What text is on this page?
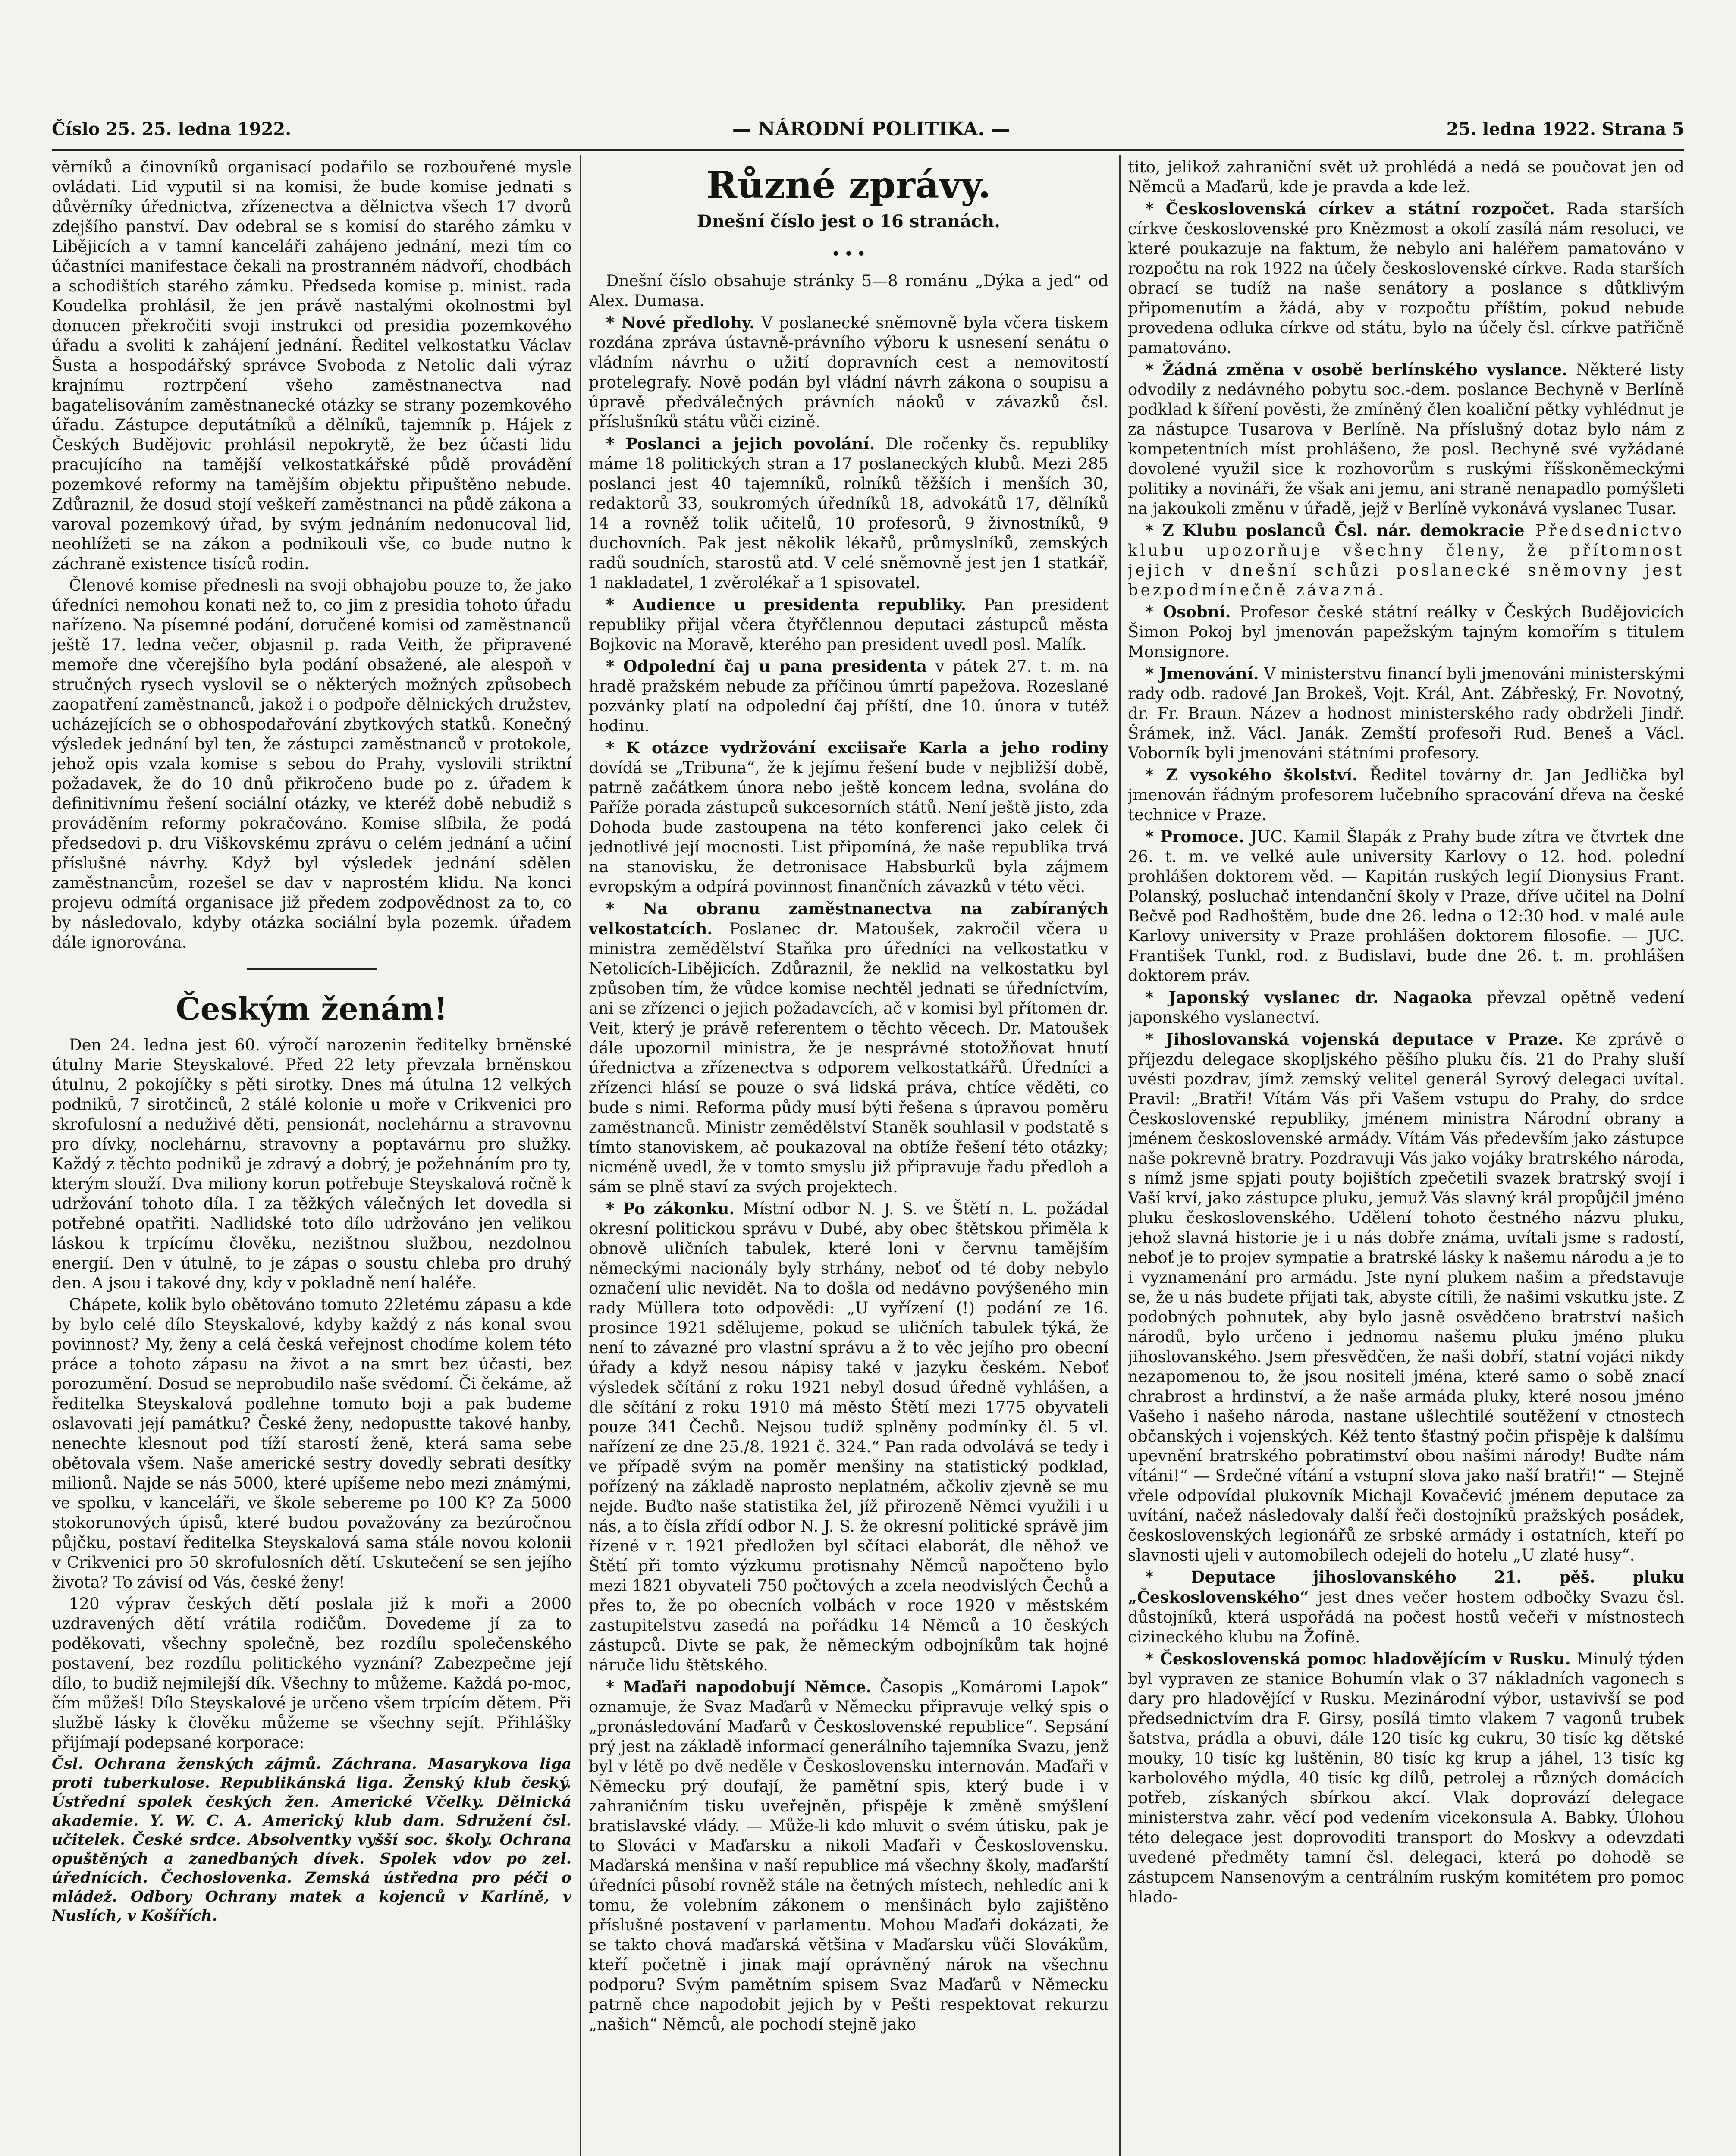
Číslo 25. 25. ledna 1922.	— NÁRODNÍ POLITIKA. —	25. ledna 1922. Strana 5

věrníků a činovníků organisací podařilo se rozbouřené mysle ovládati. Lid vyputil si na komisi, že bude komise jednati s důvěrníky úřednictva, zřízenectva a dělnictva všech 17 dvorů zdejšího panství. Dav odebral se s komisí do starého zámku v Libějicích a v tamní kanceláři zahájeno jednání, mezi tím co účastníci manifestace čekali na prostranném nádvoří, chodbách a schodištích starého zámku. Předseda komise p. minist. rada Koudelka prohlásil, že jen právě nastalými okolnostmi byl donucen překročiti svoji instrukci od presidia pozemkového úřadu a svoliti k zahájení jednání. Ředitel velkostatku Václav Šusta a hospodářský správce Svoboda z Netolic dali výraz krajnímu roztrpčení všeho zaměstnanectva nad bagatelisováním zaměstnanecké otázky se strany pozemkového úřadu. Zástupce deputátníků a dělníků, tajemník p. Hájek z Českých Budějovic prohlásil nepokrytě, že bez účasti lidu pracujícího na tamější velkostatkářské půdě provádění pozemkové reformy na tamějším objektu připuštěno nebude. Zdůraznil, že dosud stojí veškeří zaměstnanci na půdě zákona a varoval pozemkový úřad, by svým jednáním nedonucoval lid, neohlížeti se na zákon a podnikouli vše, co bude nutno k záchraně existence tisíců rodin.

Členové komise přednesli na svoji obhajobu pouze to, že jako úředníci nemohou konati než to, co jim z presidia tohoto úřadu nařízeno. Na písemné podání, doručené komisi od zaměstnanců ještě 17. ledna večer, objasnil p. rada Veith, že připravené memoře dne včerejšího byla podání obsažené, ale alespoň v stručných rysech vyslovil se o některých možných způsobech zaopatření zaměstnanců, jakož i o podpoře dělnických družstev, ucházejících se o obhospodařování zbytkových statků. Konečný výsledek jednání byl ten, že zástupci zaměstnanců v protokole, jehož opis vzala komise s sebou do Prahy, vyslovili striktní požadavek, že do 10 dnů přikročeno bude po z. úřadem k definitivnímu řešení sociální otázky, ve kteréž době nebudiž s prováděním reformy pokračováno. Komise slíbila, že podá předsedovi p. dru Viškovskému zprávu o celém jednání a učiní příslušné návrhy. Když byl výsledek jednání sdělen zaměstnancům, rozešel se dav v naprostém klidu. Na konci projevu odmítá organisace již předem zodpovědnost za to, co by následovalo, kdyby otázka sociální byla pozemk. úřadem dále ignorována.

Českým ženám!

Den 24. ledna jest 60. výročí narozenin ředitelky brněnské útulny Marie Steyskalové. Před 22 lety převzala brněnskou útulnu, 2 pokojíčky s pěti sirotky. Dnes má útulna 12 velkých podniků, 7 sirotčinců, 2 stálé kolonie u moře v Crikvenici pro skrofulosní a neduživé děti, pensionát, noclehárnu a stravovnu pro dívky, noclehárnu, stravovny a poptavárnu pro služky. Každý z těchto podniků je zdravý a dobrý, je požehnáním pro ty, kterým slouží. Dva miliony korun potřebuje Steyskalová ročně k udržování tohoto díla. I za těžkých válečných let dovedla si potřebné opatřiti. Nadlidské toto dílo udržováno jen velikou láskou k trpícímu člověku, nezištnou službou, nezdolnou energií. Den v útulně, to je zápas o soustu chleba pro druhý den. A jsou i takové dny, kdy v pokladně není haléře.

Chápete, kolik bylo obětováno tomuto 22letému zápasu a kde by bylo celé dílo Steyskalové, kdyby každý z nás konal svou povinnost? My, ženy a celá česká veřejnost chodíme kolem této práce a tohoto zápasu na život a na smrt bez účasti, bez porozumění. Dosud se neprobudilo naše svědomí. Či čekáme, až ředitelka Steyskalová podlehne tomuto boji a pak budeme oslavovati její památku? České ženy, nedopustte takové hanby, nenechte klesnout pod tíží starostí ženě, která sama sebe obětovala všem. Naše americké sestry dovedly sebrati desítky milionů. Najde se nás 5000, které upíšeme nebo mezi známými, ve spolku, v kanceláři, ve škole sebereme po 100 K? Za 5000 stokorunových úpisů, které budou považovány za bezúročnou půjčku, postaví ředitelka Steyskalová sama stále novou kolonii v Crikvenici pro 50 skrofulosních dětí. Uskutečení se sen jejího života? To závisí od Vás, české ženy!

120 výprav českých dětí poslala již k moři a 2000 uzdravených dětí vrátila rodičům. Dovedeme jí za to poděkovati, všechny společně, bez rozdílu společenského postavení, bez rozdílu politického vyznání? Zabezpečme její dílo, to budiž nejmilejší dík. Všechny to můžeme. Každá po-moc, čím můžeš! Dílo Steyskalové je určeno všem trpícím dětem. Při službě lásky k člověku můžeme se všechny sejít. Přihlášky přijímají podepsané korporace:

Čsl. Ochrana ženských zájmů. Záchrana. Masarykova liga proti tuberkulose. Republikánská liga. Ženský klub český. Ústřední spolek českých žen. Americké Včelky. Dělnická akademie. Y. W. C. A. Americký klub dam. Sdružení čsl. učitelek. České srdce. Absolventky vyšší soc. školy. Ochrana opuštěných a zanedbaných dívek. Spolek vdov po zel. úřednících. Čechoslovenka. Zemská ústředna pro péči o mládež. Odbory Ochrany matek a kojenců v Karlíně, v Nuslích, v Košířích.

Různé zprávy.
Dnešní číslo jest o 16 stranách.
• • •

Dnešní číslo obsahuje stránky 5—8 románu „Dýka a jed“ od Alex. Dumasa.

* Nové předlohy. V poslanecké sněmovně byla včera tiskem rozdána zpráva ústavně-právního výboru k usnesení senátu o vládním návrhu o užití dopravních cest a nemovitostí protelegrafy. Nově podán byl vládní návrh zákona o soupisu a úpravě předválečných právních náoků v závazků čsl. příslušníků státu vůči cizině.

* Poslanci a jejich povolání. Dle ročenky čs. republiky máme 18 politických stran a 17 poslaneckých klubů. Mezi 285 poslanci jest 40 tajemníků, rolníků těžších i menších 30, redaktorů 33, soukromých úředníků 18, advokátů 17, dělníků 14 a rovněž tolik učitelů, 10 profesorů, 9 živnostníků, 9 duchovních. Pak jest několik lékařů, průmyslníků, zemských radů soudních, starostů atd. V celé sněmovně jest jen 1 statkář, 1 nakladatel, 1 zvěrolékař a 1 spisovatel.

* Audience u presidenta republiky. Pan president republiky přijal včera čtyřčlennou deputaci zástupců města Bojkovic na Moravě, kterého pan president uvedl posl. Malík.

* Odpolední čaj u pana presidenta v pátek 27. t. m. na hradě pražském nebude za příčinou úmrtí papežova. Rozeslané pozvánky platí na odpolední čaj příští, dne 10. února v tutéž hodinu.

* K otázce vydržování exciisaře Karla a jeho rodiny dovídá se „Tribuna“, že k jejímu řešení bude v nejbližší době, patrně začátkem února nebo ještě koncem ledna, svolána do Paříže porada zástupců sukcesorních států. Není ještě jisto, zda Dohoda bude zastoupena na této konferenci jako celek či jednotlivé její mocnosti. List připomíná, že naše republika trvá na stanovisku, že detronisace Habsburků byla zájmem evropským a odpírá povinnost finančních závazků v této věci.

* Na obranu zaměstnanectva na zabíraných velkostatcích. Poslanec dr. Matoušek, zakročil včera u ministra zemědělství Staňka pro úředníci na velkostatku v Netolicích-Libějicích. Zdůraznil, že neklid na velkostatku byl způsoben tím, že vůdce komise nechtěl jednati se úředníctvím, ani se zřízenci o jejich požadavcích, ač v komisi byl přítomen dr. Veit, který je právě referentem o těchto věcech. Dr. Matoušek dále upozornil ministra, že je nesprávné stotožňovat hnutí úřednictva a zřízenectva s odporem velkostatkářů. Úředníci a zřízenci hlásí se pouze o svá lidská práva, chtíce věděti, co bude s nimi. Reforma půdy musí býti řešena s úpravou poměru zaměstnanců. Ministr zemědělství Staněk souhlasil v podstatě s tímto stanoviskem, ač poukazoval na obtíže řešení této otázky; nicméně uvedl, že v tomto smyslu již připravuje řadu předloh a sám se plně staví za svých projektech.

* Po zákonku. Místní odbor N. J. S. ve Štětí n. L. požádal okresní politickou správu v Dubé, aby obec štětskou přiměla k obnově uličních tabulek, které loni v červnu tamějším německými nacionály byly strhány, neboť od té doby nebylo označení ulic nevidět. Na to došla od nedávno povýšeného min rady Müllera toto odpovědi: „U vyřízení (!) podání ze 16. prosince 1921 sdělujeme, pokud se uličních tabulek týká, že není to závazné pro vlastní správu a ž to věc jejího pro obecní úřady a když nesou nápisy také v jazyku českém. Neboť výsledek sčítání z roku 1921 nebyl dosud úředně vyhlášen, a dle sčítání z roku 1910 má město Štětí mezi 1775 obyvateli pouze 341 Čechů. Nejsou tudíž splněny podmínky čl. 5 vl. nařízení ze dne 25./8. 1921 č. 324.“ Pan rada odvolává se tedy i ve případě svým na poměr menšiny na statistický podklad, pořízený na základě naprosto neplatném, ačkoliv zjevně se mu nejde. Buďto naše statistika žel, jíž přirozeně Němci využili i u nás, a to čísla zřídí odbor N. J. S. že okresní politické správě jim řízené v r. 1921 předložen byl sčítaci elaborát, dle něhož ve Štětí při tomto výzkumu protisnahy Němců napočteno bylo mezi 1821 obyvateli 750 počtových a zcela neodvislých Čechů a přes to, že po obecních volbách v roce 1920 v městském zastupitelstvu zasedá na pořádku 14 Němců a 10 českých zástupců. Divte se pak, že německým odbojníkům tak hojné náruče lidu štětského.

* Maďaři napodobují Němce. Časopis „Komáromi Lapok“ oznamuje, že Svaz Maďarů v Německu připravuje velký spis o „pronásledování Maďarů v Československé republice“. Sepsání prý jest na základě informací generálního tajemníka Svazu, jenž byl v létě po dvě neděle v Československu internován. Maďaři v Německu prý doufají, že pamětní spis, který bude i v zahraničním tisku uveřejněn, přispěje k změně smýšlení bratislavské vlády. — Může-li kdo mluvit o svém útisku, pak je to Slováci v Maďarsku a nikoli Maďaři v Československu. Maďarská menšina v naší republice má všechny školy, maďarští úředníci působí rovněž stále na četných místech, nehledíc ani k tomu, že volebním zákonem o menšinách bylo zajištěno příslušné postavení v parlamentu. Mohou Maďaři dokázati, že se takto chová maďarská většina v Maďarsku vůči Slovákům, kteří početně i jinak mají oprávněný nárok na všechnu podporu? Svým pamětním spisem Svaz Maďarů v Německu patrně chce napodobit jejich by v Pešti respektovat rekurzu „našich“ Němců, ale pochodí stejně jako

tito, jelikož zahraniční svět už prohlédá a nedá se poučovat jen od Němců a Maďarů, kde je pravda a kde lež.

* Československá církev a státní rozpočet. Rada starších církve československé pro Knězmost a okolí zasílá nám resoluci, ve které poukazuje na faktum, že nebylo ani haléřem pamatováno v rozpočtu na rok 1922 na účely československé církve. Rada starších obrací se tudíž na naše senátory a poslance s důtklivým připomenutím a žádá, aby v rozpočtu příštím, pokud nebude provedena odluka církve od státu, bylo na účely čsl. církve patřičně pamatováno.

* Žádná změna v osobě berlínského vyslance. Některé listy odvodily z nedávného pobytu soc.-dem. poslance Bechyně v Berlíně podklad k šíření pověsti, že zmíněný člen koaliční pětky vyhlédnut je za nástupce Tusarova v Berlíně. Na příslušný dotaz bylo nám z kompetentních míst prohlášeno, že posl. Bechyně své vyžádané dovolené využil sice k rozhovorům s ruskými říšskoněmeckými politiky a novináři, že však ani jemu, ani straně nenapadlo pomýšleti na jakoukoli změnu v úřadě, jejž v Berlíně vykonává vyslanec Tusar.

* Z Klubu poslanců Čsl. nár. demokracie Předsednictvo klubu upozorňuje všechny členy, že přítomnost jejich v dnešní schůzi poslanecké sněmovny jest bezpodmínečně závazná.

* Osobní. Profesor české státní reálky v Českých Budějovicích Šimon Pokoj byl jmenován papežským tajným komořím s titulem Monsignore.

* Jmenování. V ministerstvu financí byli jmenováni ministerskými rady odb. radové Jan Brokeš, Vojt. Král, Ant. Zábřeský, Fr. Novotný, dr. Fr. Braun. Název a hodnost ministerského rady obdrželi Jindř. Šrámek, inž. Václ. Janák. Zemští profesoři Rud. Beneš a Václ. Voborník byli jmenováni státními profesory.

* Z vysokého školství. Ředitel továrny dr. Jan Jedlička byl jmenován řádným profesorem lučebního spracování dřeva na české technice v Praze.

* Promoce. JUC. Kamil Šlapák z Prahy bude zítra ve čtvrtek dne 26. t. m. ve velké aule university Karlovy o 12. hod. polední prohlášen doktorem věd. — Kapitán ruských legií Dionysius Frant. Polanský, posluchač intendanční školy v Praze, dříve učitel na Dolní Bečvě pod Radhoštěm, bude dne 26. ledna o 12:30 hod. v malé aule Karlovy university v Praze prohlášen doktorem filosofie. — JUC. František Tunkl, rod. z Budislavi, bude dne 26. t. m. prohlášen doktorem práv.

* Japonský vyslanec dr. Nagaoka převzal opětně vedení japonského vyslanectví.

* Jihoslovanská vojenská deputace v Praze. Ke zprávě o příjezdu delegace skopljského pěšího pluku čís. 21 do Prahy sluší uvésti pozdrav, jímž zemský velitel generál Syrový delegaci uvítal. Pravil: „Bratři! Vítám Vás při Vašem vstupu do Prahy, do srdce Československé republiky, jménem ministra Národní obrany a jménem československé armády. Vítám Vás především jako zástupce naše pokrevně bratry. Pozdravuji Vás jako vojáky bratrského národa, s nímž jsme spjati pouty bojištích zpečetili svazek bratrský svojí i Vaší krví, jako zástupce pluku, jemuž Vás slavný král propůjčil jméno pluku československého. Udělení tohoto čestného názvu pluku, jehož slavná historie je i u nás dobře známa, uvítali jsme s radostí, neboť je to projev sympatie a bratrské lásky k našemu národu a je to i vyznamenání pro armádu. Jste nyní plukem našim a představuje se, že u nás budete přijati tak, abyste cítili, že našimi vskutku jste. Z podobných pohnutek, aby bylo jasně osvědčeno bratrství našich národů, bylo určeno i jednomu našemu pluku jméno pluku jihoslovanského. Jsem přesvědčen, že naši dobří, statní vojáci nikdy nezapomenou to, že jsou nositeli jména, které samo o sobě znací chrabrost a hrdinství, a že naše armáda pluky, které nosou jméno Vašeho i našeho národa, nastane ušlechtilé soutěžení v ctnostech občanských i vojenských. Kéž tento šťastný počin přispěje k dalšímu upevnění bratrského pobratimství obou našimi národy! Buďte nám vítáni!“ — Srdečné vítání a vstupní slova jako naší bratři!“ — Stejně vřele odpovídal plukovník Michajl Kovačević jménem deputace za uvítání, načež následovaly další řeči dostojníků pražských posádek, československých legionářů ze srbské armády i ostatních, kteří po slavnosti ujeli v automobilech odejeli do hotelu „U zlaté husy“.

* Deputace jihoslovanského 21. pěš. pluku „Československého“ jest dnes večer hostem odbočky Svazu čsl. důstojníků, která uspořádá na počest hostů večeři v místnostech cizineckého klubu na Žofíně.

* Československá pomoc hladovějícím v Rusku. Minulý týden byl vypraven ze stanice Bohumín vlak o 37 nákladních vagonech s dary pro hladovějící v Rusku. Mezinárodní výbor, ustavivší se pod předsednictvím dra F. Girsy, posílá timto vlakem 7 vagonů trubek šatstva, prádla a obuvi, dále 120 tisíc kg cukru, 30 tisíc kg dětské mouky, 10 tisíc kg luštěnin, 80 tisíc kg krup a jáhel, 13 tisíc kg karbolového mýdla, 40 tisíc kg dílů, petrolej a různých domácích potřeb, získaných sbírkou akcí. Vlak doprovází delegace ministerstva zahr. věcí pod vedením vicekonsula A. Babky. Úlohou této delegace jest doprovoditi transport do Moskvy a odevzdati uvedené předměty tamní čsl. delegaci, která po dohodě se zástupcem Nansenovým a centrálním ruským komitétem pro pomoc hlado-
